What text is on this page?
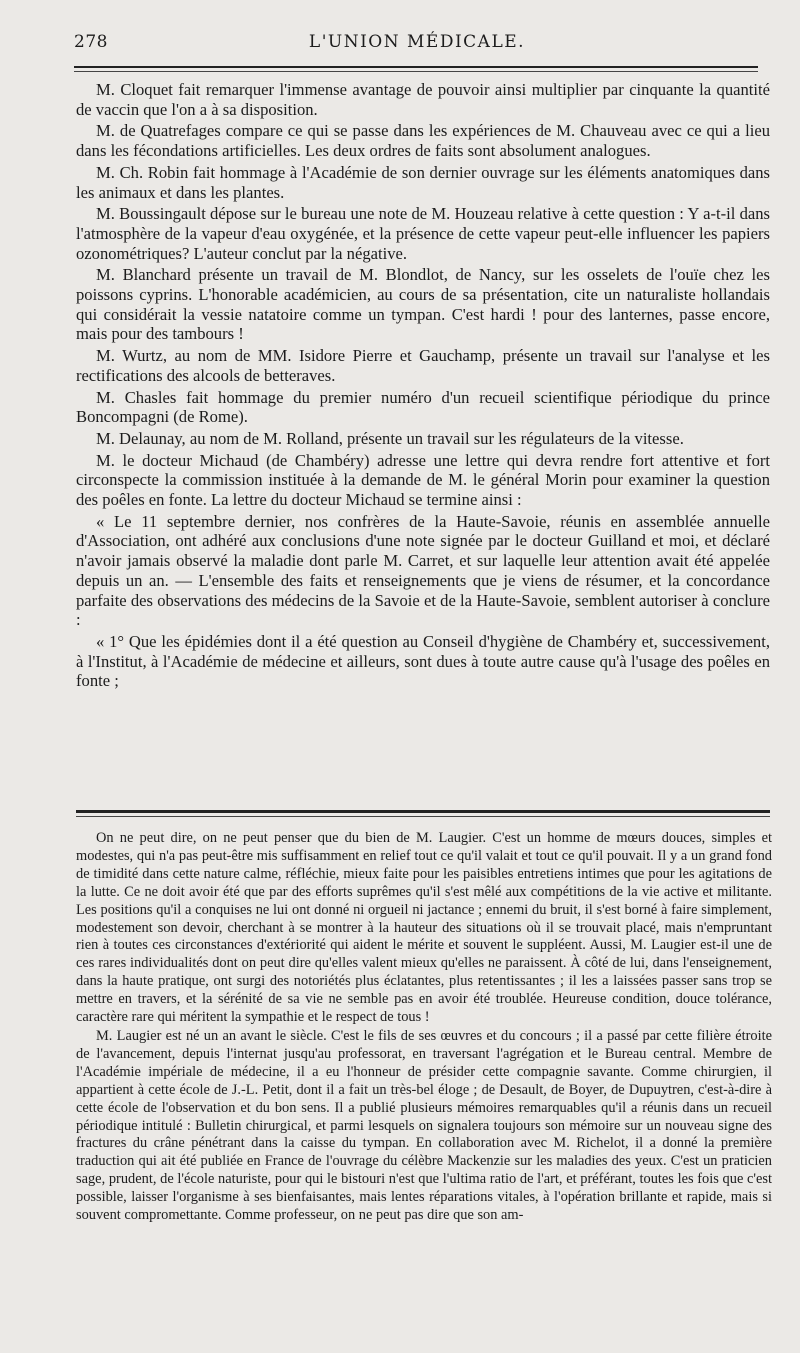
278	L'UNION MÉDICALE.

M. Cloquet fait remarquer l'immense avantage de pouvoir ainsi multiplier par cinquante la quantité de vaccin que l'on a à sa disposition.

M. de Quatrefages compare ce qui se passe dans les expériences de M. Chauveau avec ce qui a lieu dans les fécondations artificielles. Les deux ordres de faits sont absolument analogues.

M. Ch. Robin fait hommage à l'Académie de son dernier ouvrage sur les éléments anatomiques dans les animaux et dans les plantes.

M. Boussingault dépose sur le bureau une note de M. Houzeau relative à cette question : Y a-t-il dans l'atmosphère de la vapeur d'eau oxygénée, et la présence de cette vapeur peut-elle influencer les papiers ozonométriques? L'auteur conclut par la négative.

M. Blanchard présente un travail de M. Blondlot, de Nancy, sur les osselets de l'ouïe chez les poissons cyprins. L'honorable académicien, au cours de sa présentation, cite un naturaliste hollandais qui considérait la vessie natatoire comme un tympan. C'est hardi ! pour des lanternes, passe encore, mais pour des tambours !

M. Wurtz, au nom de MM. Isidore Pierre et Gauchamp, présente un travail sur l'analyse et les rectifications des alcools de betteraves.

M. Chasles fait hommage du premier numéro d'un recueil scientifique périodique du prince Boncompagni (de Rome).

M. Delaunay, au nom de M. Rolland, présente un travail sur les régulateurs de la vitesse.

M. le docteur Michaud (de Chambéry) adresse une lettre qui devra rendre fort attentive et fort circonspecte la commission instituée à la demande de M. le général Morin pour examiner la question des poêles en fonte. La lettre du docteur Michaud se termine ainsi :

« Le 11 septembre dernier, nos confrères de la Haute-Savoie, réunis en assemblée annuelle d'Association, ont adhéré aux conclusions d'une note signée par le docteur Guilland et moi, et déclaré n'avoir jamais observé la maladie dont parle M. Carret, et sur laquelle leur attention avait été appelée depuis un an. — L'ensemble des faits et renseignements que je viens de résumer, et la concordance parfaite des observations des médecins de la Savoie et de la Haute-Savoie, semblent autoriser à conclure :

« 1° Que les épidémies dont il a été question au Conseil d'hygiène de Chambéry et, successivement, à l'Institut, à l'Académie de médecine et ailleurs, sont dues à toute autre cause qu'à l'usage des poêles en fonte ;

On ne peut dire, on ne peut penser que du bien de M. Laugier. C'est un homme de mœurs douces, simples et modestes, qui n'a pas peut-être mis suffisamment en relief tout ce qu'il valait et tout ce qu'il pouvait. Il y a un grand fond de timidité dans cette nature calme, réfléchie, mieux faite pour les paisibles entretiens intimes que pour les agitations de la lutte. Ce ne doit avoir été que par des efforts suprêmes qu'il s'est mêlé aux compétitions de la vie active et militante. Les positions qu'il a conquises ne lui ont donné ni orgueil ni jactance ; ennemi du bruit, il s'est borné à faire simplement, modestement son devoir, cherchant à se montrer à la hauteur des situations où il se trouvait placé, mais n'empruntant rien à toutes ces circonstances d'extériorité qui aident le mérite et souvent le suppléent. Aussi, M. Laugier est-il une de ces rares individualités dont on peut dire qu'elles valent mieux qu'elles ne paraissent. À côté de lui, dans l'enseignement, dans la haute pratique, ont surgi des notoriétés plus éclatantes, plus retentissantes ; il les a laissées passer sans trop se mettre en travers, et la sérénité de sa vie ne semble pas en avoir été troublée. Heureuse condition, douce tolérance, caractère rare qui méritent la sympathie et le respect de tous !

M. Laugier est né un an avant le siècle. C'est le fils de ses œuvres et du concours ; il a passé par cette filière étroite de l'avancement, depuis l'internat jusqu'au professorat, en traversant l'agrégation et le Bureau central. Membre de l'Académie impériale de médecine, il a eu l'honneur de présider cette compagnie savante. Comme chirurgien, il appartient à cette école de J.-L. Petit, dont il a fait un très-bel éloge ; de Desault, de Boyer, de Dupuytren, c'est-à-dire à cette école de l'observation et du bon sens. Il a publié plusieurs mémoires remarquables qu'il a réunis dans un recueil périodique intitulé : Bulletin chirurgical, et parmi lesquels on signalera toujours son mémoire sur un nouveau signe des fractures du crâne pénétrant dans la caisse du tympan. En collaboration avec M. Richelot, il a donné la première traduction qui ait été publiée en France de l'ouvrage du célèbre Mackenzie sur les maladies des yeux. C'est un praticien sage, prudent, de l'école naturiste, pour qui le bistouri n'est que l'ultima ratio de l'art, et préférant, toutes les fois que c'est possible, laisser l'organisme à ses bienfaisantes, mais lentes réparations vitales, à l'opération brillante et rapide, mais si souvent compromettante. Comme professeur, on ne peut pas dire que son am-
